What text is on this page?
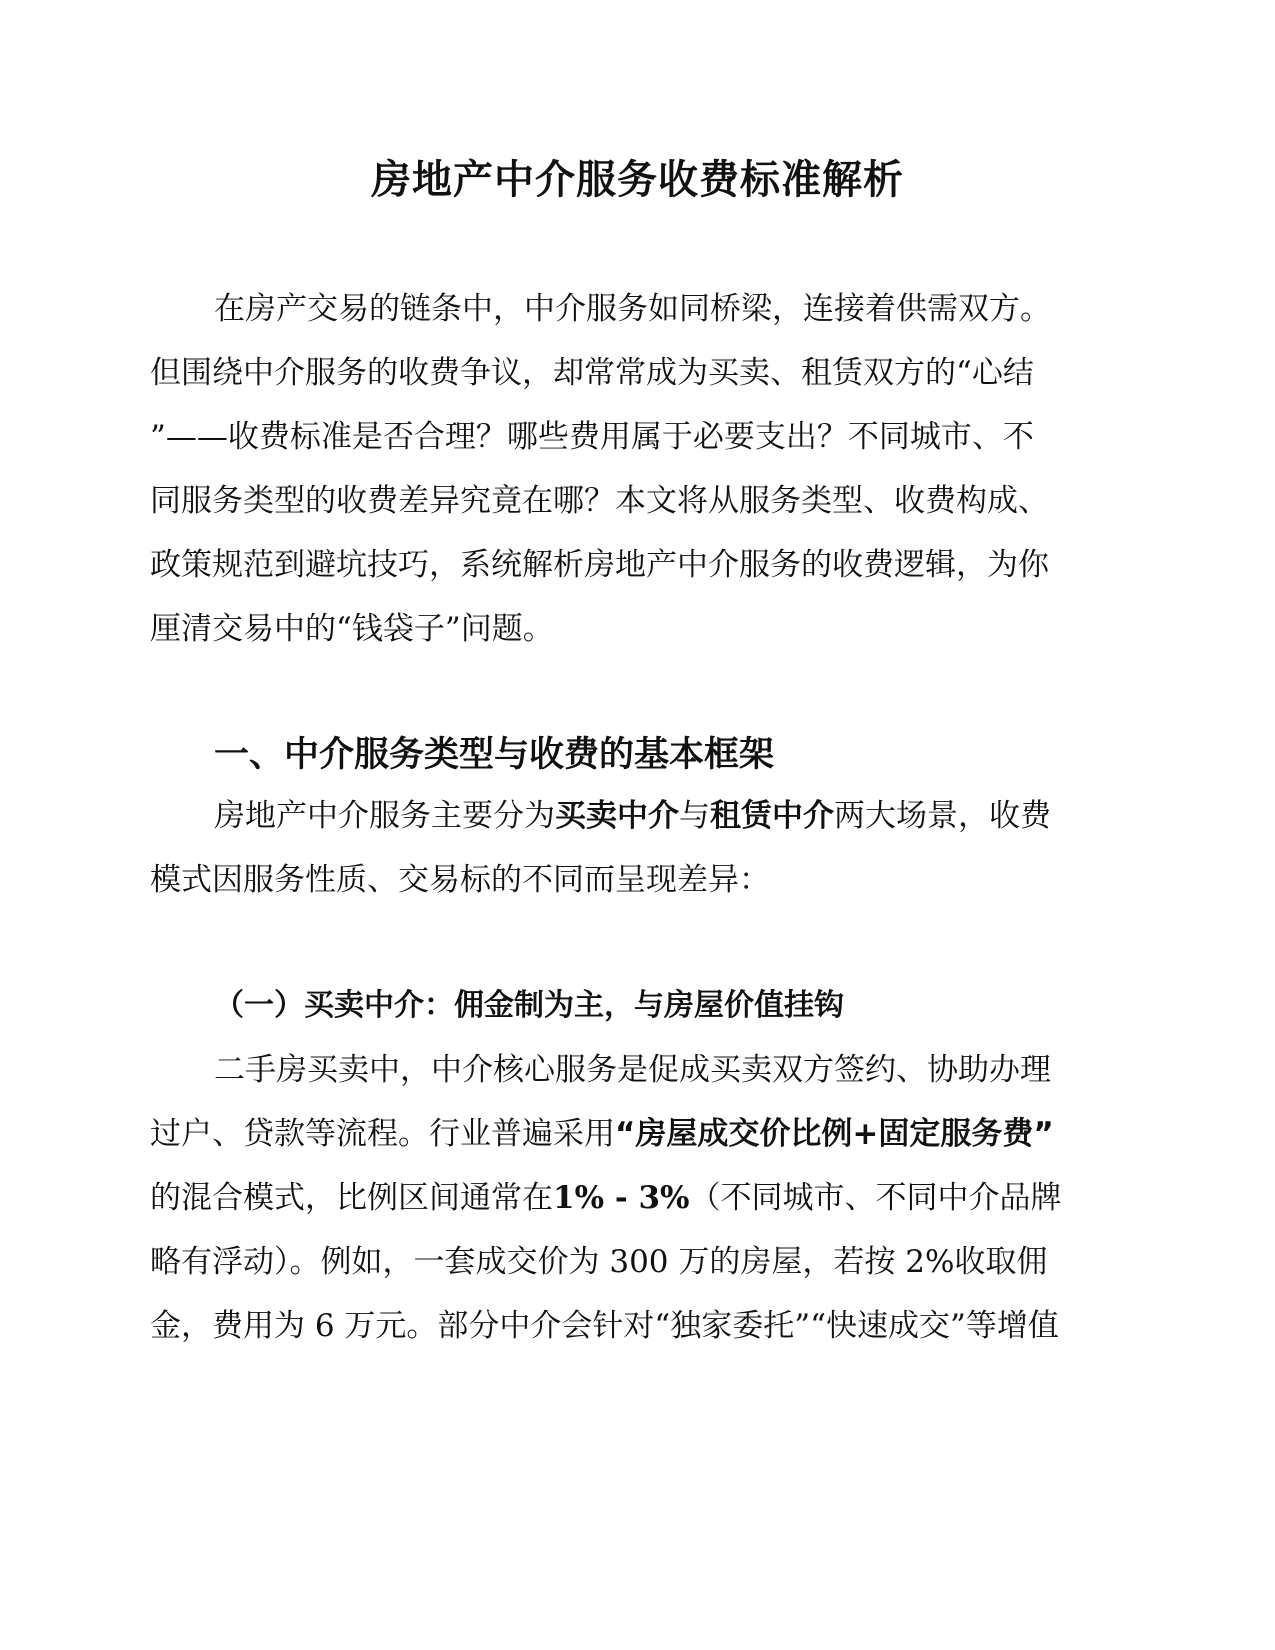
房地产中介服务收费标准解析
在房产交易的链条中，中介服务如同桥梁，连接着供需双方。
但围绕中介服务的收费争议，却常常成为买卖、租赁双方的“心结
”——收费标准是否合理？哪些费用属于必要支出？不同城市、不
同服务类型的收费差异究竟在哪？本文将从服务类型、收费构成、
政策规范到避坑技巧，系统解析房地产中介服务的收费逻辑，为你
厘清交易中的“钱袋子”问题。
一、中介服务类型与收费的基本框架
房地产中介服务主要分为买卖中介与租赁中介两大场景，收费
模式因服务性质、交易标的不同而呈现差异：
（一）买卖中介：佣金制为主，与房屋价值挂钩
二手房买卖中，中介核心服务是促成买卖双方签约、协助办理
过户、贷款等流程。行业普遍采用“房屋成交价比例+固定服务费”
的混合模式，比例区间通常在1% - 3%（不同城市、不同中介品牌
略有浮动）。例如，一套成交价为 300 万的房屋，若按 2%收取佣
金，费用为 6 万元。部分中介会针对“独家委托”“快速成交”等增值
